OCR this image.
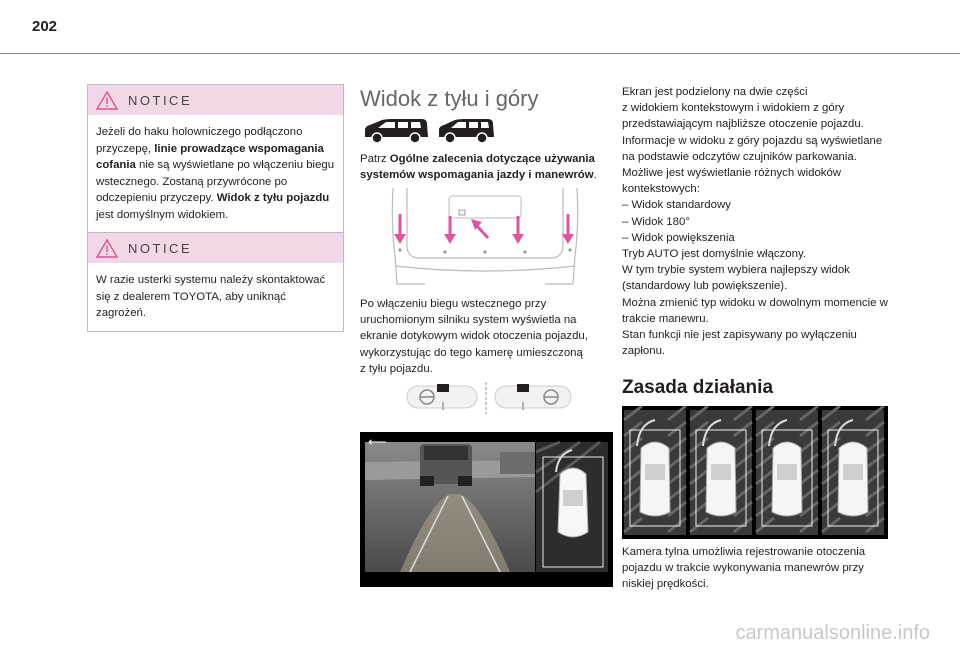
202
NOTICE
Jeżeli do haku holowniczego podłączono przyczepę, linie prowadzące wspomagania cofania nie są wyświetlane po włączeniu biegu wstecznego. Zostaną przywrócone po odczepieniu przyczepy. Widok z tyłu pojazdu jest domyślnym widokiem.
NOTICE
W razie usterki systemu należy skontaktować się z dealerem TOYOTA, aby uniknąć zagrożeń.
Widok z tyłu i góry
Patrz Ogólne zalecenia dotyczące używania systemów wspomagania jazdy i manewrów.
Po włączeniu biegu wstecznego przy uruchomionym silniku system wyświetla na ekranie dotykowym widok otoczenia pojazdu, wykorzystując do tego kamerę umieszczoną
z tyłu pojazdu.
⟵
Ekran jest podzielony na dwie części
z widokiem kontekstowym i widokiem z góry przedstawiającym najbliższe otoczenie pojazdu.
Informacje w widoku z góry pojazdu są wyświetlane na podstawie odczytów czujników parkowania.
Możliwe jest wyświetlanie różnych widoków kontekstowych:
– Widok standardowy
– Widok 180°
– Widok powiększenia
Tryb AUTO jest domyślnie włączony.
W tym trybie system wybiera najlepszy widok (standardowy lub powiększenie).
Można zmienić typ widoku w dowolnym momencie w trakcie manewru.
Stan funkcji nie jest zapisywany po wyłączeniu zapłonu.
Zasada działania
Kamera tylna umożliwia rejestrowanie otoczenia pojazdu w trakcie wykonywania manewrów przy niskiej prędkości.
carmanualsonline.info
